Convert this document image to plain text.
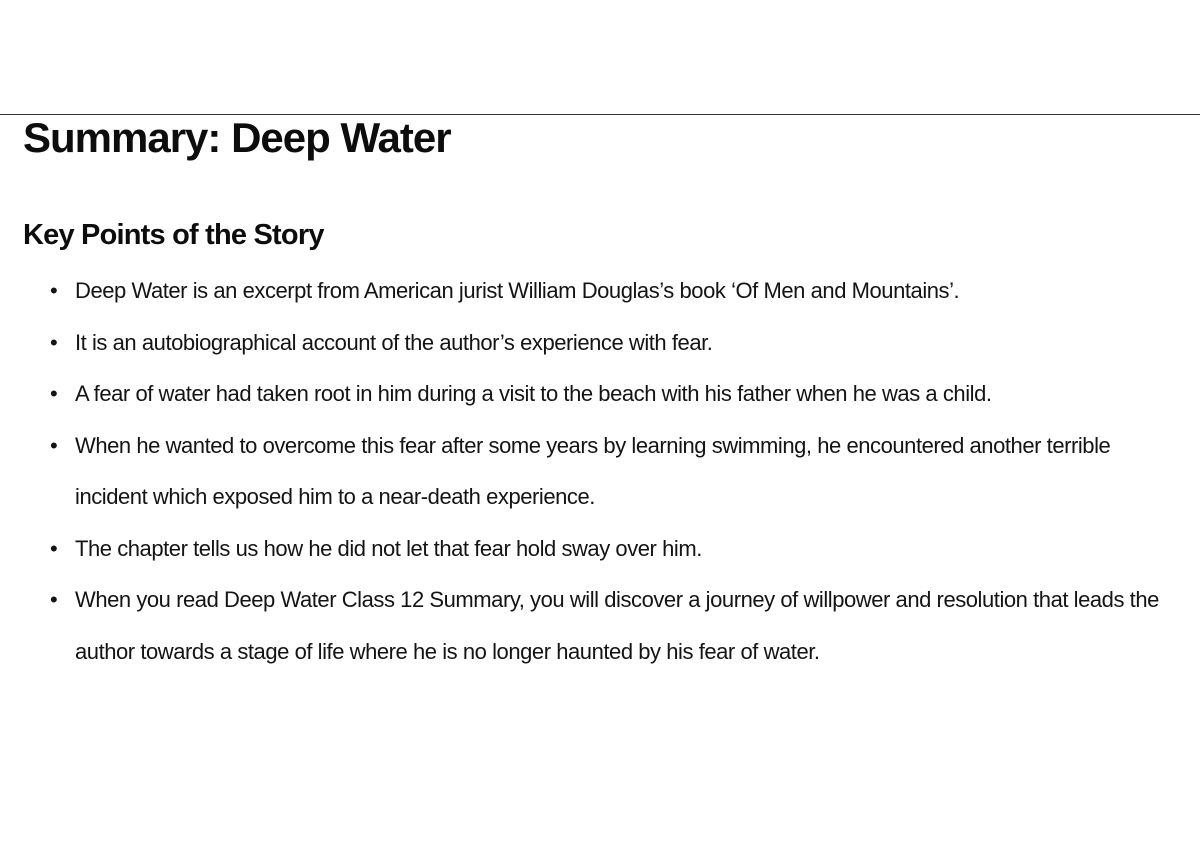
Summary: Deep Water
Key Points of the Story
• Deep Water is an excerpt from American jurist William Douglas’s book ‘Of Men and Mountains’.
• It is an autobiographical account of the author’s experience with fear.
• A fear of water had taken root in him during a visit to the beach with his father when he was a child.
• When he wanted to overcome this fear after some years by learning swimming, he encountered another terrible incident which exposed him to a near-death experience.
• The chapter tells us how he did not let that fear hold sway over him.
• When you read Deep Water Class 12 Summary, you will discover a journey of willpower and resolution that leads the author towards a stage of life where he is no longer haunted by his fear of water.
